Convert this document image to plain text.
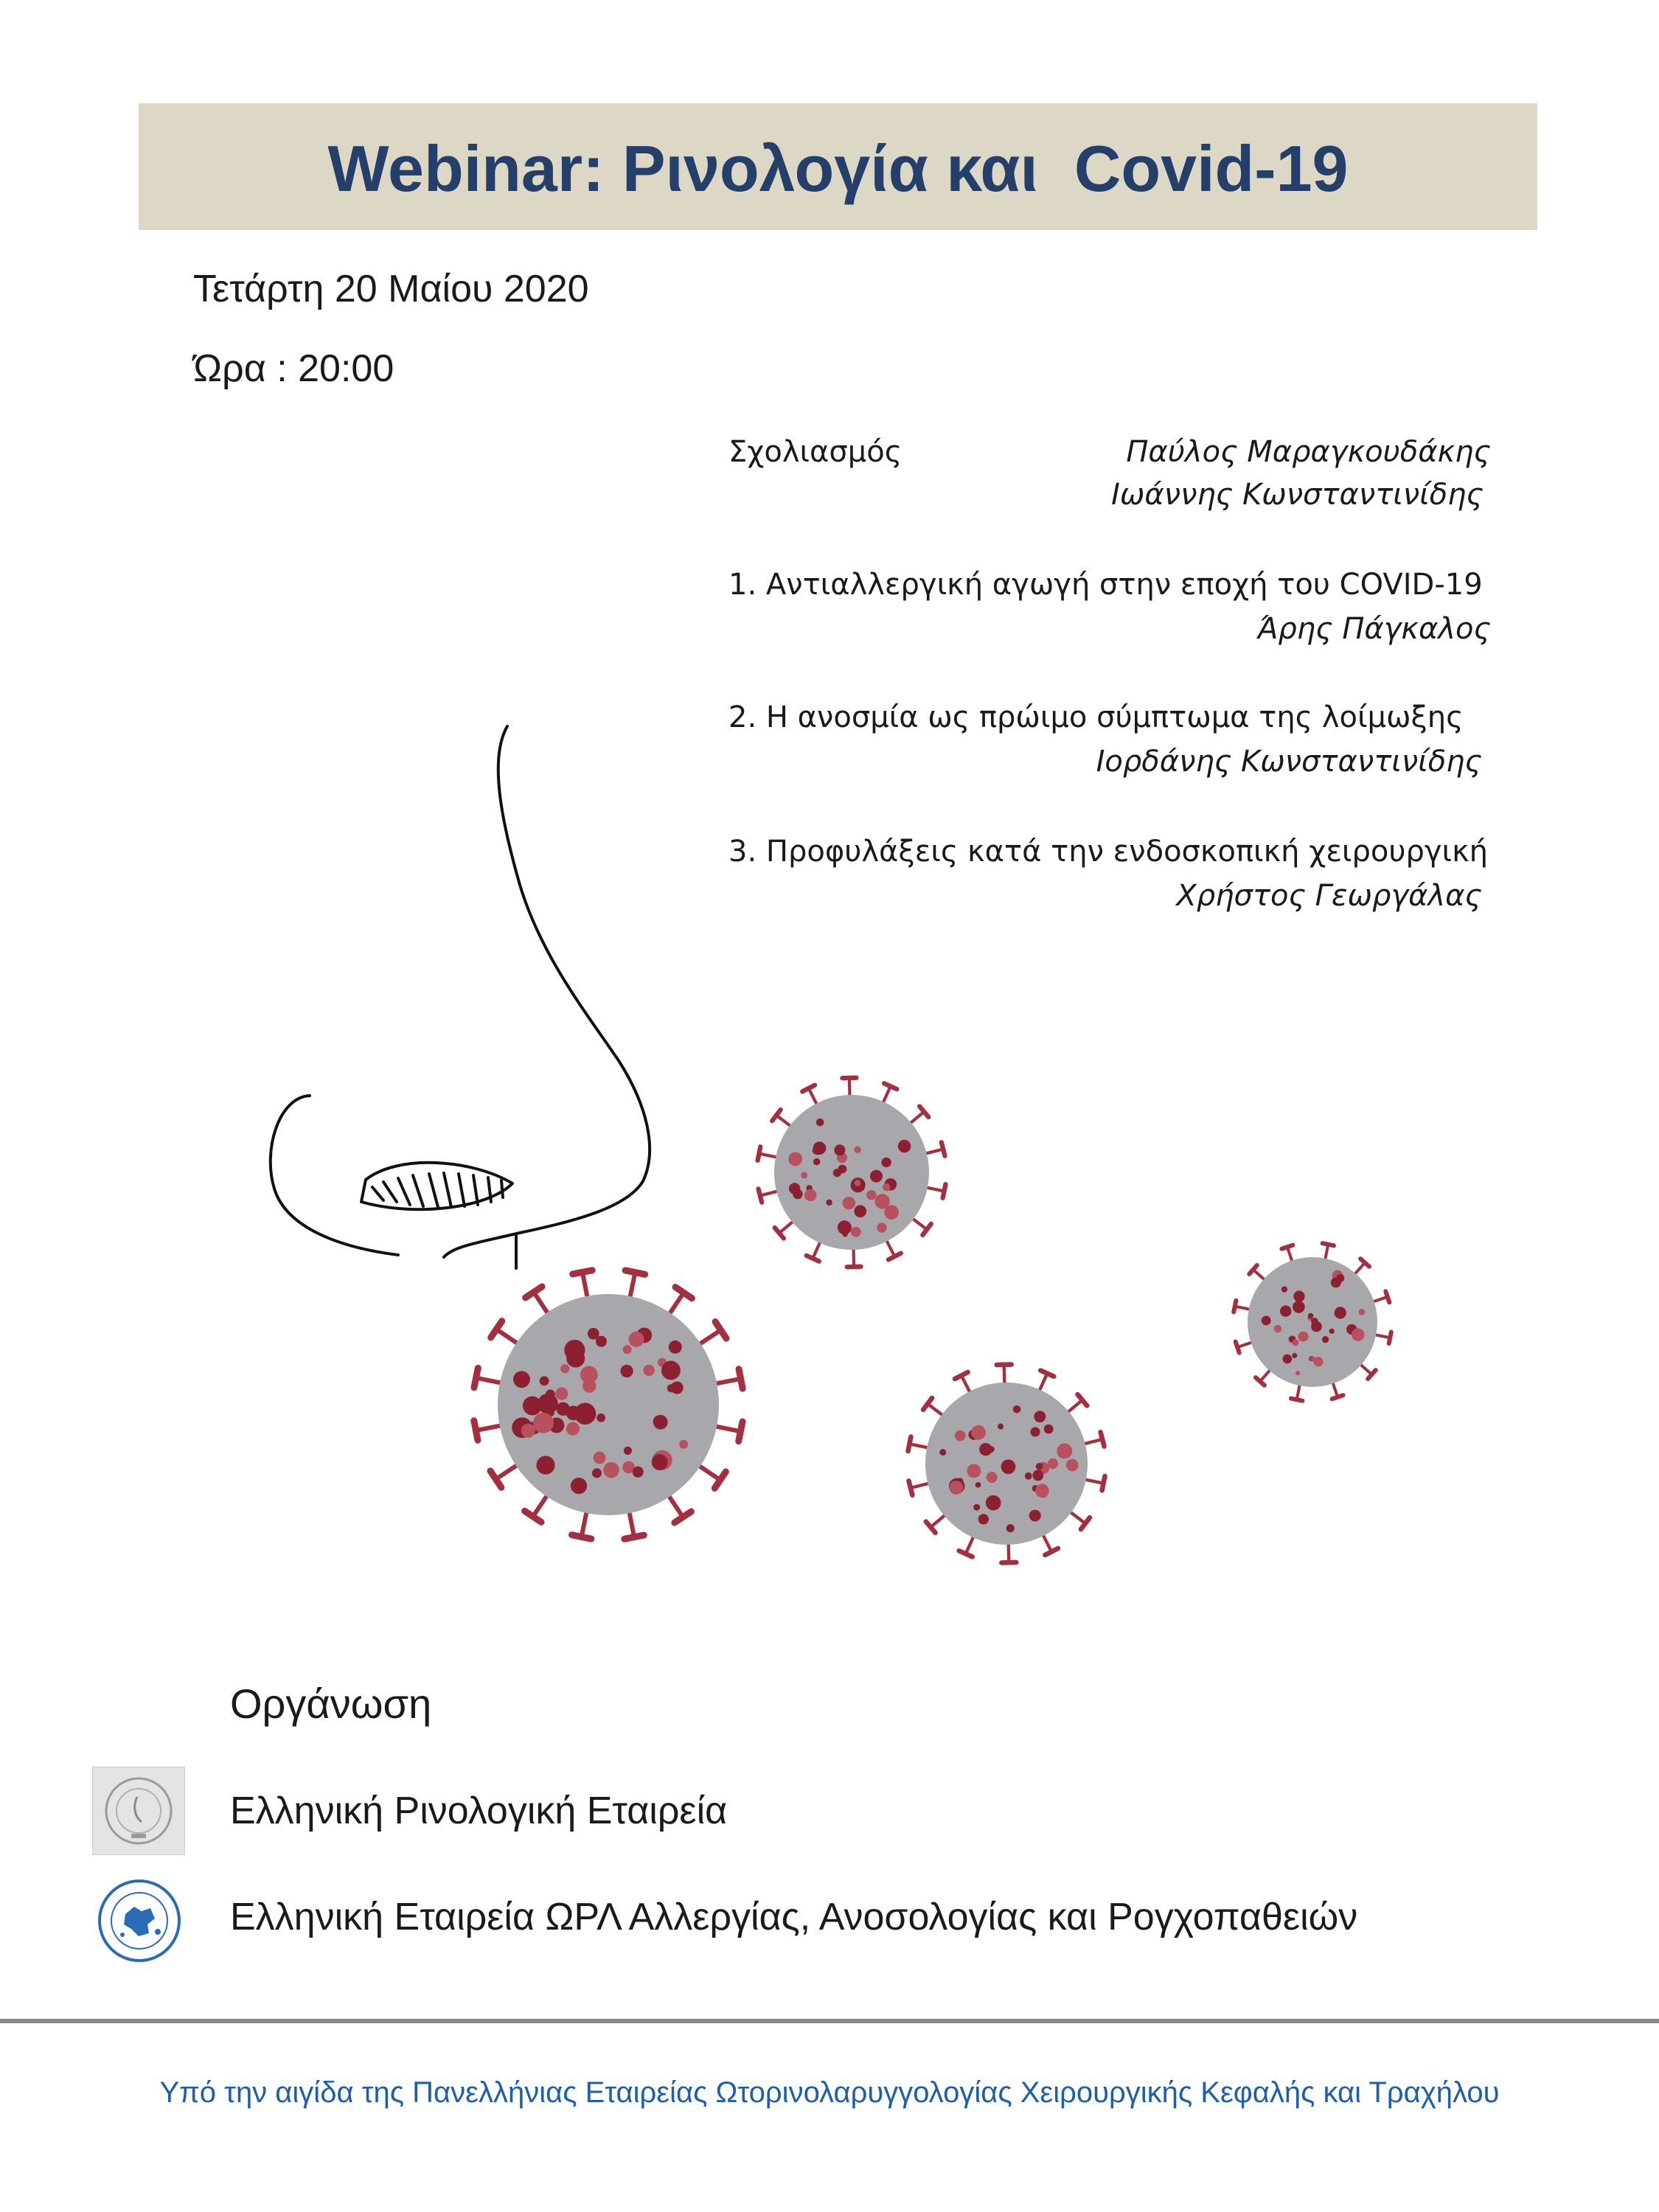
Webinar: Ρινολογία και  Covid-19
Τετάρτη 20 Μαίου 2020
Ώρα : 20:00
Σχολιασμός	Παύλος Μαραγκουδάκης
Ιωάννης Κωνσταντινίδης
1. Αντιαλλεργική αγωγή στην εποχή του COVID-19
Άρης Πάγκαλος
2. Η ανοσμία ως πρώιμο σύμπτωμα της λοίμωξης
Ιορδάνης Κωνσταντινίδης
3. Προφυλάξεις κατά την ενδοσκοπική χειρουργική
Χρήστος Γεωργάλας
Οργάνωση
Ελληνική Ρινολογική Εταιρεία
Ελληνική Εταιρεία ΩΡΛ Αλλεργίας, Ανοσολογίας και Ρογχοπαθειών
Υπό την αιγίδα της Πανελλήνιας Εταιρείας Ωτορινολαρυγγολογίας Χειρουργικής Κεφαλής και Τραχήλου
